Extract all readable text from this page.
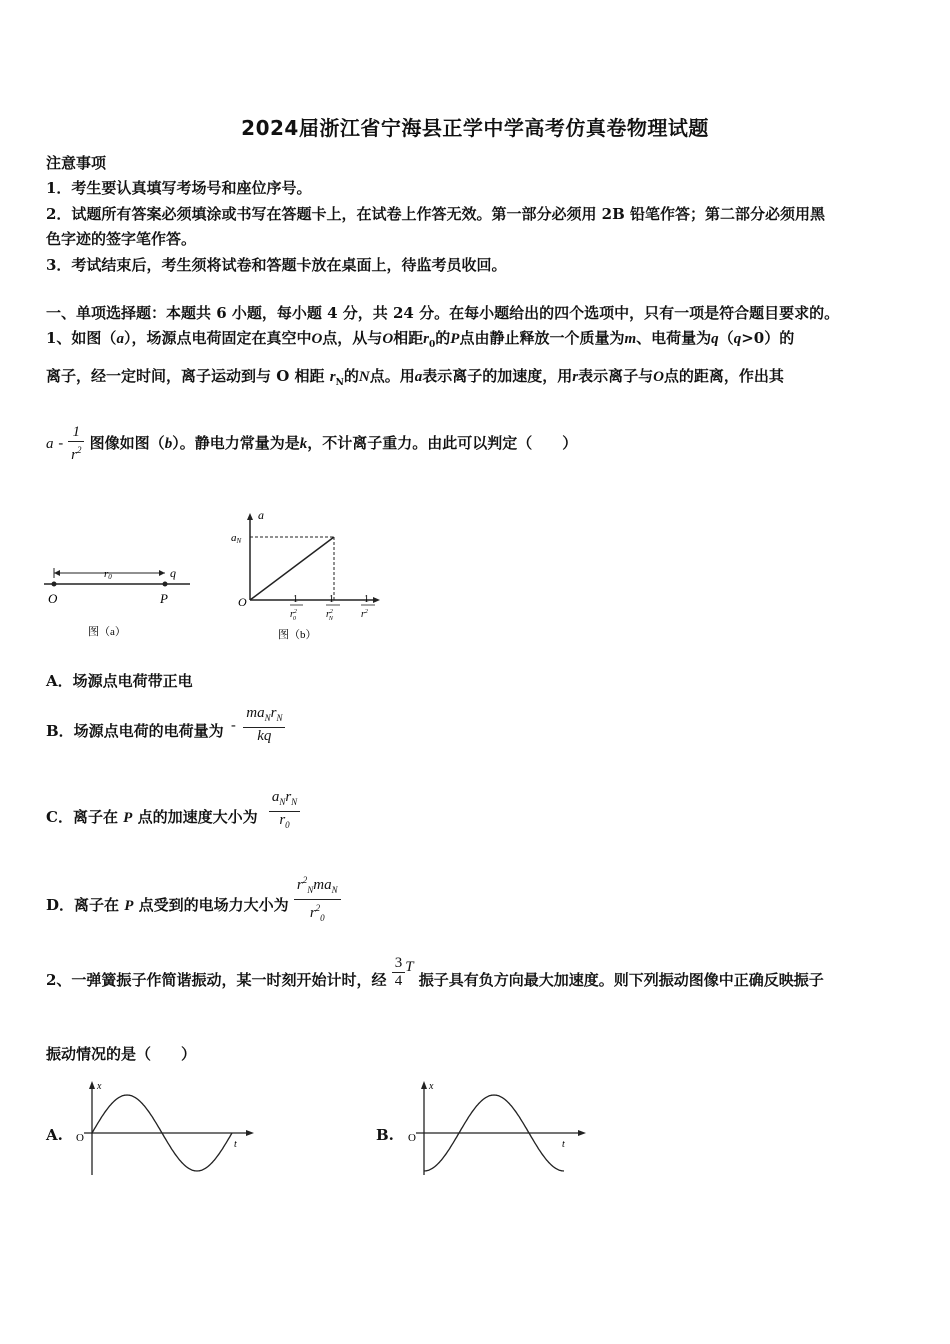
2024届浙江省宁海县正学中学高考仿真卷物理试题
注意事项
1．考生要认真填写考场号和座位序号。
2．试题所有答案必须填涂或书写在答题卡上，在试卷上作答无效。第一部分必须用 2B 铅笔作答；第二部分必须用黑
色字迹的签字笔作答。
3．考试结束后，考生须将试卷和答题卡放在桌面上，待监考员收回。
一、单项选择题：本题共 6 小题，每小题 4 分，共 24 分。在每小题给出的四个选项中，只有一项是符合题目要求的。
1、如图（a），场源点电荷固定在真空中O点，从与O相距$r_0$的P点由静止释放一个质量为m、电荷量为q（q>0）的
离子，经一定时间，离子运动到与 O 相距 $r_N$的N点。用a表示离子的加速度，用r表示离子与O点的距离，作出其
a - $\frac{1}{r^2}$ 图像如图（b）。静电力常量为是k，不计离子重力。由此可以判定（　　）
r0	q
O	P
图（a）
a
aN
O	1
$r^2$ 0
1
$r^2$ N
1
$r^2$
图（b）
A．场源点电荷带正电
B．场源点电荷的电荷量为 - $\frac{ma_Nr_N}{kq}$
C．离子在 P 点的加速度大小为 $\frac{a_Nr_N}{r_0}$
D．离子在 P 点受到的电场力大小为 $\frac{r^2_Nma_N}{r^2_0}$
2、一弹簧振子作简谐振动，某一时刻开始计时，经 $\frac{3}{4}$ T 振子具有负方向最大加速度。则下列振动图像中正确反映振子
振动情况的是（　　）
A.
x
t
O	B.
x
t
O
